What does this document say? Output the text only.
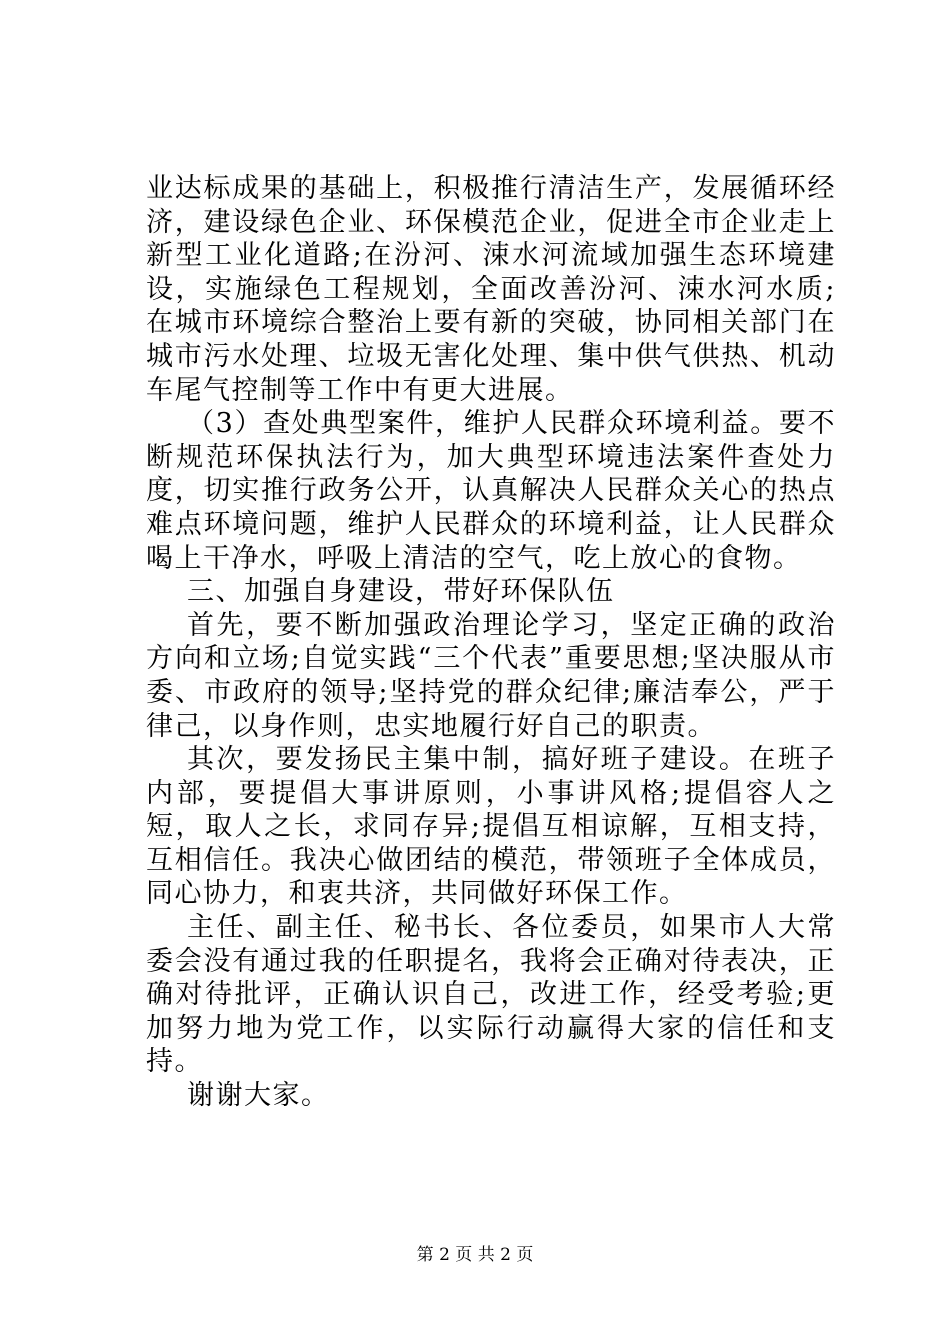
业达标成果的基础上，积极推行清洁生产，发展循环经济，建设绿色企业、环保模范企业，促进全市企业走上新型工业化道路;在汾河、涑水河流域加强生态环境建设，实施绿色工程规划，全面改善汾河、涑水河水质;在城市环境综合整治上要有新的突破，协同相关部门在城市污水处理、垃圾无害化处理、集中供气供热、机动车尾气控制等工作中有更大进展。

（3）查处典型案件，维护人民群众环境利益。要不断规范环保执法行为，加大典型环境违法案件查处力度，切实推行政务公开，认真解决人民群众关心的热点难点环境问题，维护人民群众的环境利益，让人民群众喝上干净水，呼吸上清洁的空气，吃上放心的食物。

三、加强自身建设，带好环保队伍

首先，要不断加强政治理论学习，坚定正确的政治方向和立场;自觉实践“三个代表”重要思想;坚决服从市委、市政府的领导;坚持党的群众纪律;廉洁奉公，严于律己，以身作则，忠实地履行好自己的职责。

其次，要发扬民主集中制，搞好班子建设。在班子内部，要提倡大事讲原则，小事讲风格;提倡容人之短，取人之长，求同存异;提倡互相谅解，互相支持，互相信任。我决心做团结的模范，带领班子全体成员，同心协力，和衷共济，共同做好环保工作。

主任、副主任、秘书长、各位委员，如果市人大常委会没有通过我的任职提名，我将会正确对待表决，正确对待批评，正确认识自己，改进工作，经受考验;更加努力地为党工作，以实际行动赢得大家的信任和支持。

谢谢大家。

第 2 页 共 2 页
